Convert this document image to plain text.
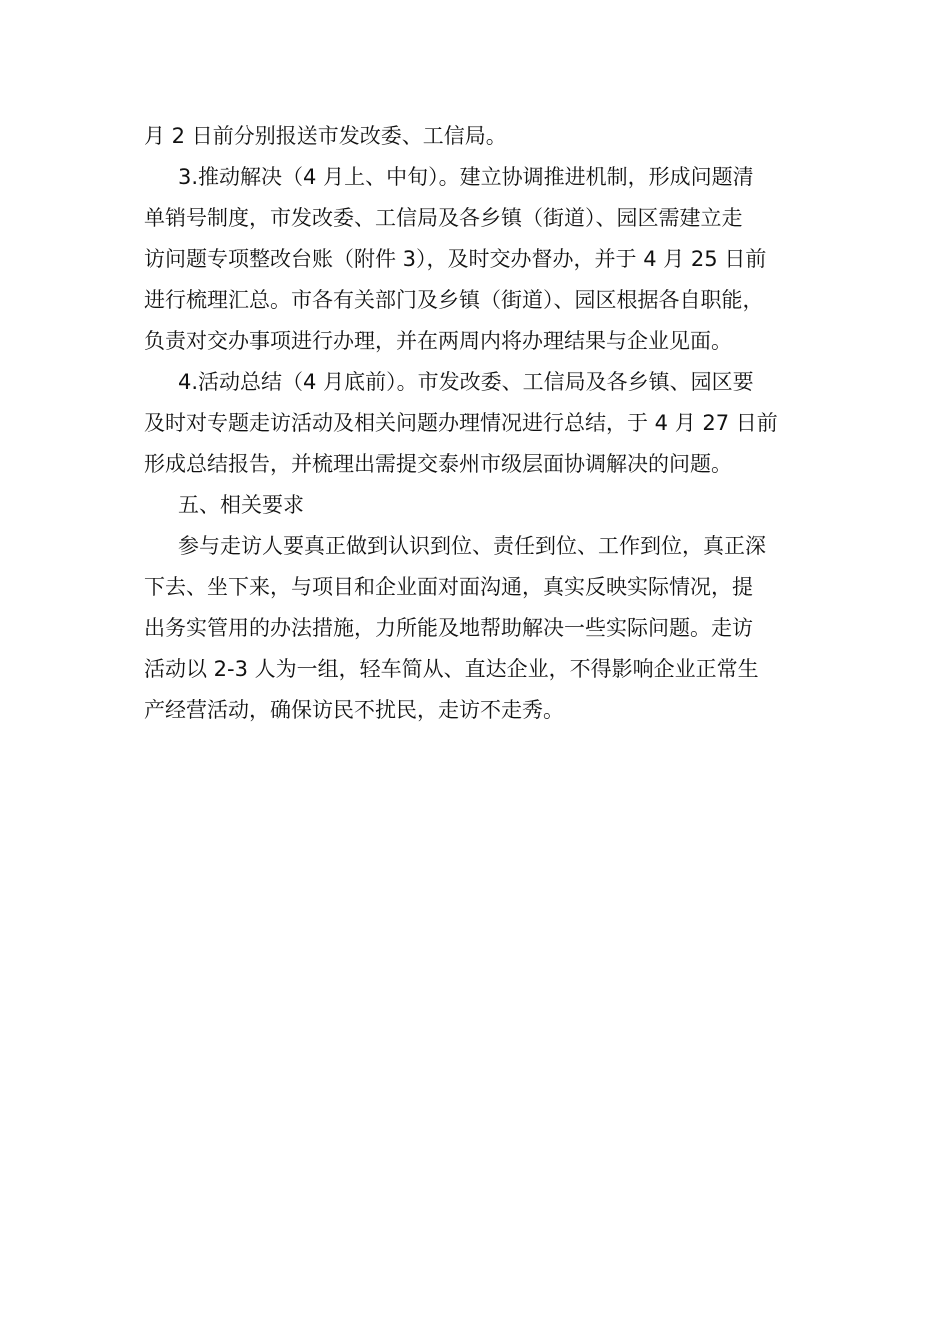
月 2 日前分别报送市发改委、工信局。
3.推动解决（4 月上、中旬）。建立协调推进机制，形成问题清
单销号制度，市发改委、工信局及各乡镇（街道）、园区需建立走
访问题专项整改台账（附件 3），及时交办督办，并于 4 月 25 日前
进行梳理汇总。市各有关部门及乡镇（街道）、园区根据各自职能，
负责对交办事项进行办理，并在两周内将办理结果与企业见面。
4.活动总结（4 月底前）。市发改委、工信局及各乡镇、园区要
及时对专题走访活动及相关问题办理情况进行总结，于 4 月 27 日前
形成总结报告，并梳理出需提交泰州市级层面协调解决的问题。
五、相关要求
参与走访人要真正做到认识到位、责任到位、工作到位，真正深
下去、坐下来，与项目和企业面对面沟通，真实反映实际情况，提
出务实管用的办法措施，力所能及地帮助解决一些实际问题。走访
活动以 2-3 人为一组，轻车简从、直达企业，不得影响企业正常生
产经营活动，确保访民不扰民，走访不走秀。
